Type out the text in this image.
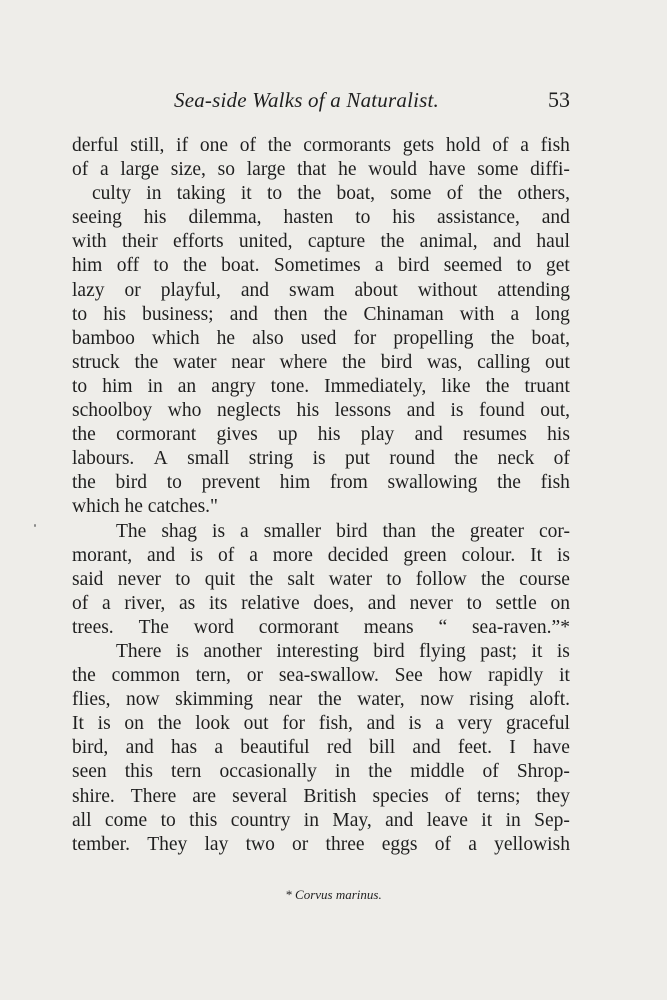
Sea-side Walks of a Naturalist.	53
derful still, if one of the cormorants gets hold of a fish
of a large size, so large that he would have some diffi-
culty in taking it to the boat, some of the others,
seeing his dilemma, hasten to his assistance, and
with their efforts united, capture the animal, and haul
him off to the boat. Sometimes a bird seemed to get
lazy or playful, and swam about without attending
to his business; and then the Chinaman with a long
bamboo which he also used for propelling the boat,
struck the water near where the bird was, calling out
to him in an angry tone. Immediately, like the truant
schoolboy who neglects his lessons and is found out,
the cormorant gives up his play and resumes his
labours. A small string is put round the neck of
the bird to prevent him from swallowing the fish
which he catches."
The shag is a smaller bird than the greater cor-
morant, and is of a more decided green colour. It is
said never to quit the salt water to follow the course
of a river, as its relative does, and never to settle on
trees. The word cormorant means “ sea-raven.”*
There is another interesting bird flying past; it is
the common tern, or sea-swallow. See how rapidly it
flies, now skimming near the water, now rising aloft.
It is on the look out for fish, and is a very graceful
bird, and has a beautiful red bill and feet. I have
seen this tern occasionally in the middle of Shrop-
shire. There are several British species of terns; they
all come to this country in May, and leave it in Sep-
tember. They lay two or three eggs of a yellowish
* Corvus marinus.
